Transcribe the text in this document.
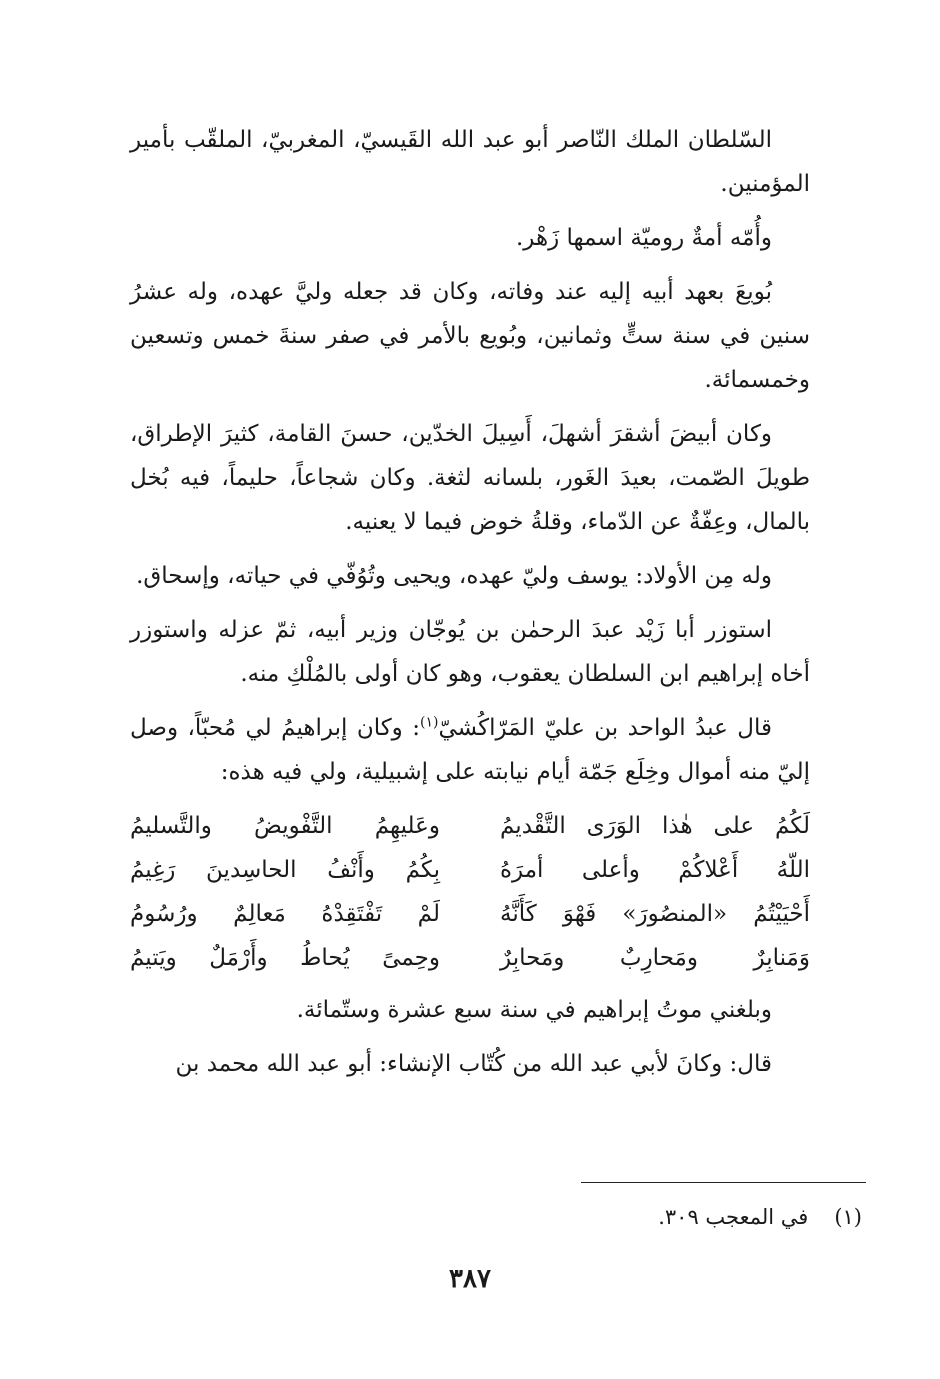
السّلطان الملك النّاصر أبو عبد الله القَيسيّ، المغربيّ، الملقّب بأمير المؤمنين.

وأُمّه أمةٌ روميّة اسمها زَهْر.

بُويعَ بعهد أبيه إليه عند وفاته، وكان قد جعله وليَّ عهده، وله عشرُ سنين في سنة ستٍّ وثمانين، وبُويع بالأمر في صفر سنةَ خمس وتسعين وخمسمائة.

وكان أبيضَ أشقرَ أشهلَ، أَسِيلَ الخدّين، حسنَ القامة، كثيرَ الإطراق، طويلَ الصّمت، بعيدَ الغَور، بلسانه لثغة. وكان شجاعاً، حليماً، فيه بُخل بالمال، وعِفّةٌ عن الدّماء، وقلةُ خوض فيما لا يعنيه.

وله مِن الأولاد: يوسف وليّ عهده، ويحيى وتُوُفّي في حياته، وإسحاق.

استوزر أبا زَيْد عبدَ الرحمٰن بن يُوجّان وزير أبيه، ثمّ عزله واستوزر أخاه إبراهيم ابن السلطان يعقوب، وهو كان أولى بالمُلْكِ منه.

قال عبدُ الواحد بن عليّ المَرّاكُشيّ$^{(١)}$: وكان إبراهيمُ لي مُحبّاً، وصل إليّ منه أموال وخِلَع جَمّة أيام نيابته على إشبيلية، ولي فيه هذه:

لَكُمُ على هٰذا الوَرَى التَّقْديمُ
وعَليهِمُ التَّفْويضُ والتَّسليمُ
اللّهُ أَعْلاكُمْ وأعلى أمرَهُ
بِكُمُ وأَنْفُ الحاسِدينَ رَغِيمُ
أَحْيَيْتُمُ «المنصُورَ» فَهْوَ كَأَنَّهُ
لَمْ تَفْتَقِدْهُ مَعالِمٌ ورُسُومُ
وَمَنابِرٌ ومَحارِبٌ ومَحابِرٌ
وحِمىً يُحاطُ وأَرْمَلٌ ويَتيمُ

وبلغني موتُ إبراهيم في سنة سبع عشرة وستّمائة.

قال: وكانَ لأبي عبد الله من كُتّاب الإنشاء: أبو عبد الله محمد بن

(١)في المعجب ٣٠٩.
٣٨٧
